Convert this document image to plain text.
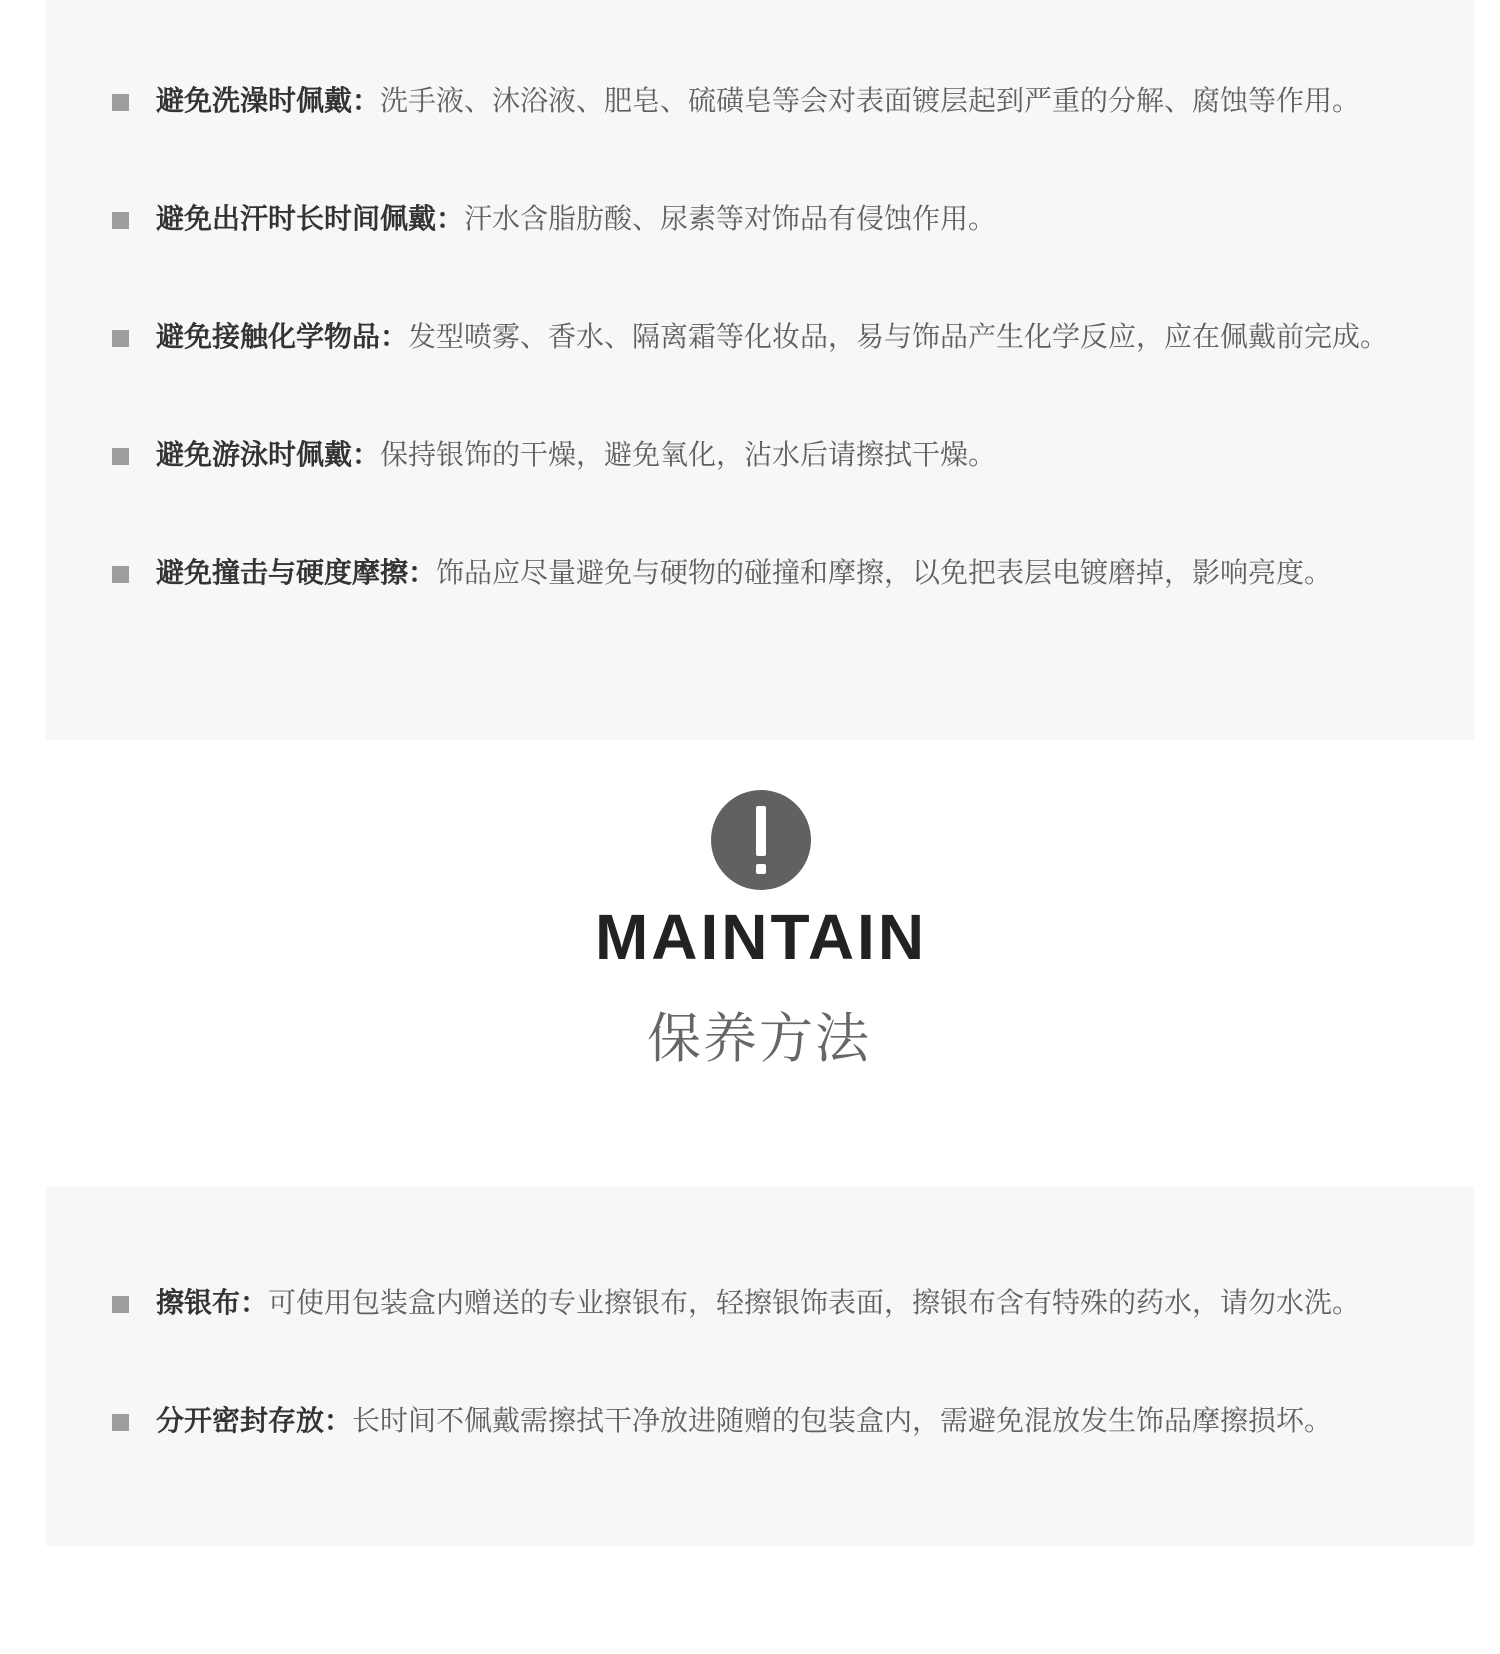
避免洗澡时佩戴：洗手液、沐浴液、肥皂、硫磺皂等会对表面镀层起到严重的分解、腐蚀等作用。
避免出汗时长时间佩戴：汗水含脂肪酸、尿素等对饰品有侵蚀作用。
避免接触化学物品：发型喷雾、香水、隔离霜等化妆品，易与饰品产生化学反应，应在佩戴前完成。
避免游泳时佩戴：保持银饰的干燥，避免氧化，沾水后请擦拭干燥。
避免撞击与硬度摩擦：饰品应尽量避免与硬物的碰撞和摩擦，以免把表层电镀磨掉，影响亮度。
MAINTAIN
保养方法
擦银布：可使用包装盒内赠送的专业擦银布，轻擦银饰表面，擦银布含有特殊的药水，请勿水洗。
分开密封存放：长时间不佩戴需擦拭干净放进随赠的包装盒内，需避免混放发生饰品摩擦损坏。
